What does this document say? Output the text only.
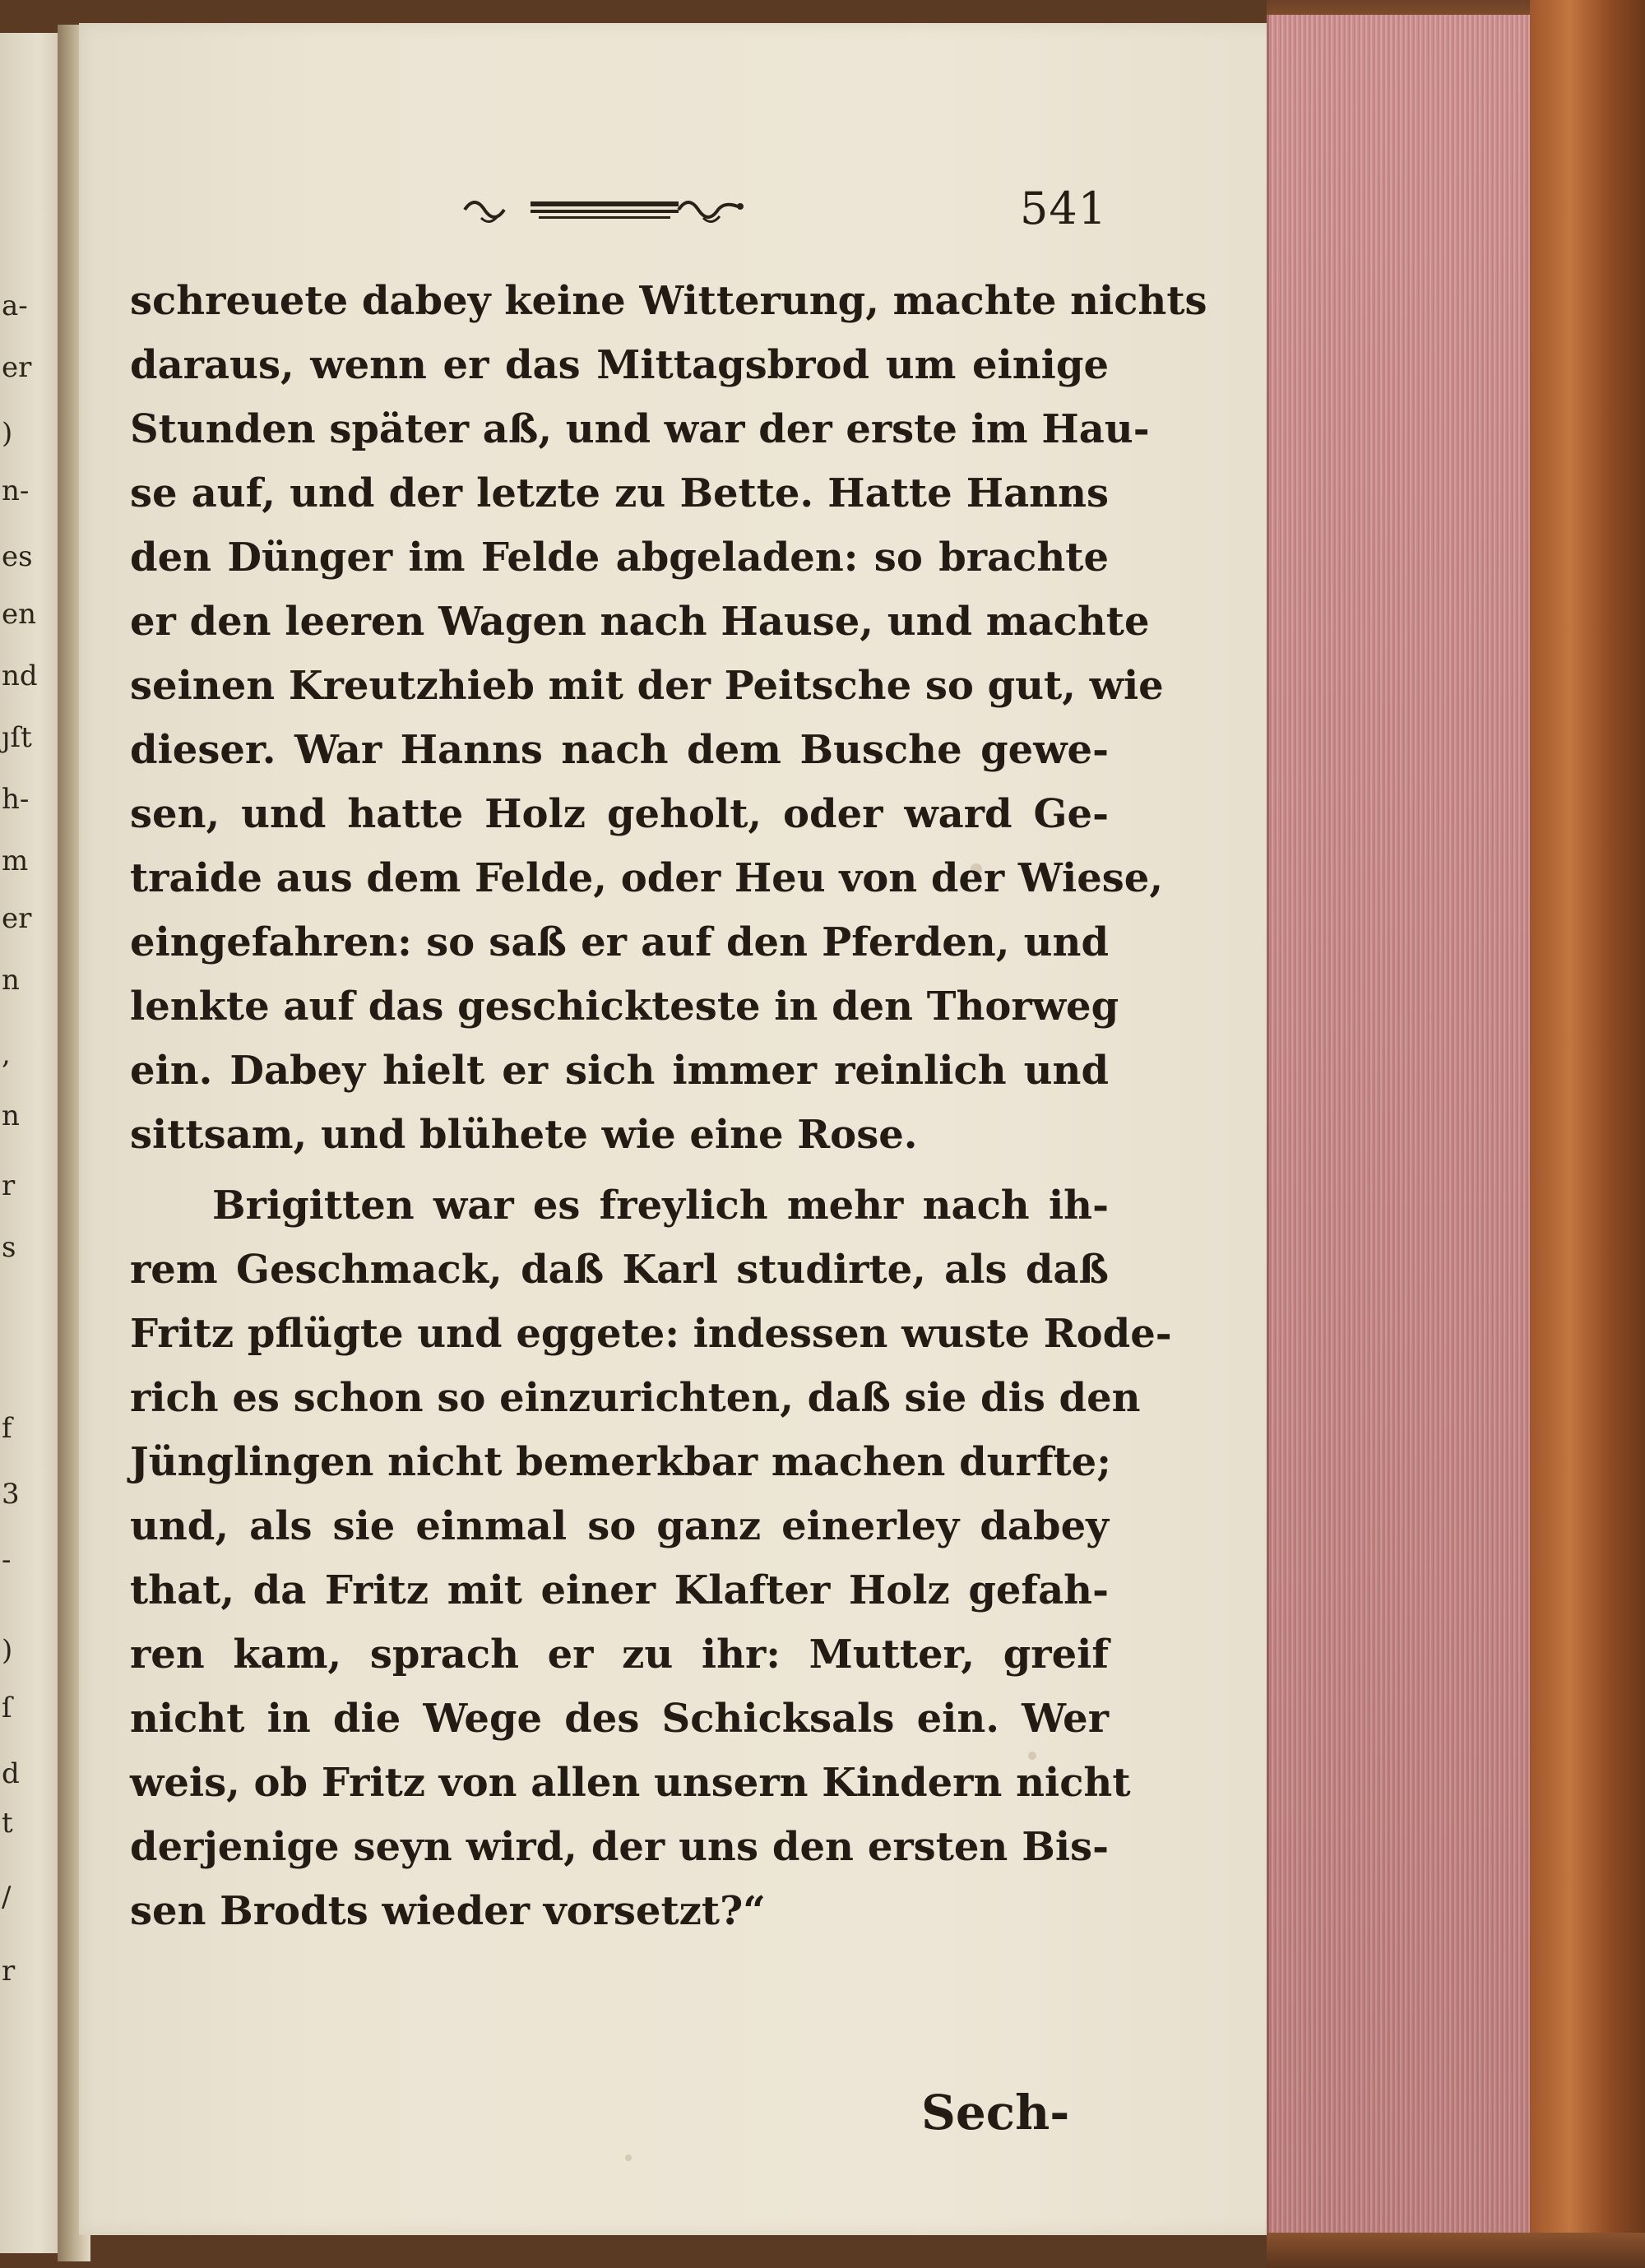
a-
er
)
n-
es
en
nd
ȷſt
h-
m
er
n
,
n
r
s
f
3
-
)
ſ
d
t
/
r
541
schreuete dabey keine Witterung, machte nichts
daraus, wenn er das Mittagsbrod um einige
Stunden später aß, und war der erste im Hau-
se auf, und der letzte zu Bette. Hatte Hanns
den Dünger im Felde abgeladen: so brachte
er den leeren Wagen nach Hause, und machte
seinen Kreutzhieb mit der Peitsche so gut, wie
dieser. War Hanns nach dem Busche gewe-
sen, und hatte Holz geholt, oder ward Ge-
traide aus dem Felde, oder Heu von der Wiese,
eingefahren: so saß er auf den Pferden, und
lenkte auf das geschickteste in den Thorweg
ein. Dabey hielt er sich immer reinlich und
sittsam, und blühete wie eine Rose.
Brigitten war es freylich mehr nach ih-
rem Geschmack, daß Karl studirte, als daß
Fritz pflügte und eggete: indessen wuste Rode-
rich es schon so einzurichten, daß sie dis den
Jünglingen nicht bemerkbar machen durfte;
und, als sie einmal so ganz einerley dabey
that, da Fritz mit einer Klafter Holz gefah-
ren kam, sprach er zu ihr: Mutter, greif
nicht in die Wege des Schicksals ein. Wer
weis, ob Fritz von allen unsern Kindern nicht
derjenige seyn wird, der uns den ersten Bis-
sen Brodts wieder vorsetzt?“
Sech-
